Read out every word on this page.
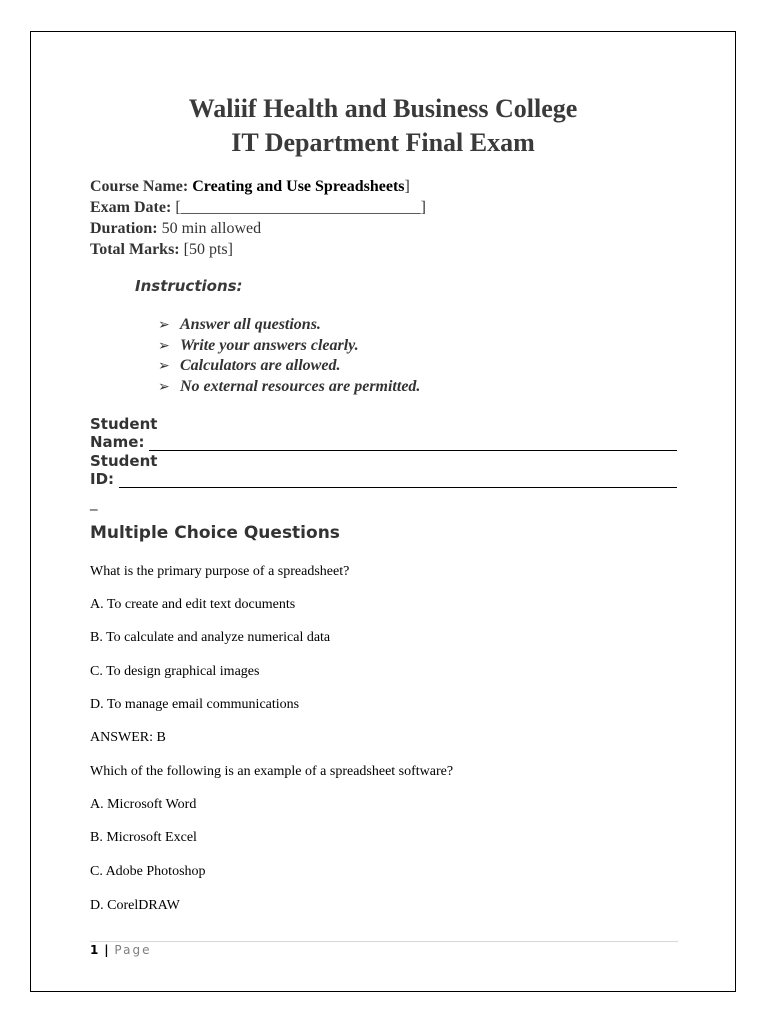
Waliif Health and Business College
IT Department Final Exam
Course Name: Creating and Use Spreadsheets]
Exam Date: [______________________________]
Duration: 50 min allowed
Total Marks: [50 pts]
Instructions:
➢ Answer all questions.
➢ Write your answers clearly.
➢ Calculators are allowed.
➢ No external resources are permitted.
Student
Name:
Student
ID:
_
Multiple Choice Questions
What is the primary purpose of a spreadsheet?
A. To create and edit text documents
B. To calculate and analyze numerical data
C. To design graphical images
D. To manage email communications
ANSWER: B
Which of the following is an example of a spreadsheet software?
A. Microsoft Word
B. Microsoft Excel
C. Adobe Photoshop
D. CorelDRAW
1 | Page
